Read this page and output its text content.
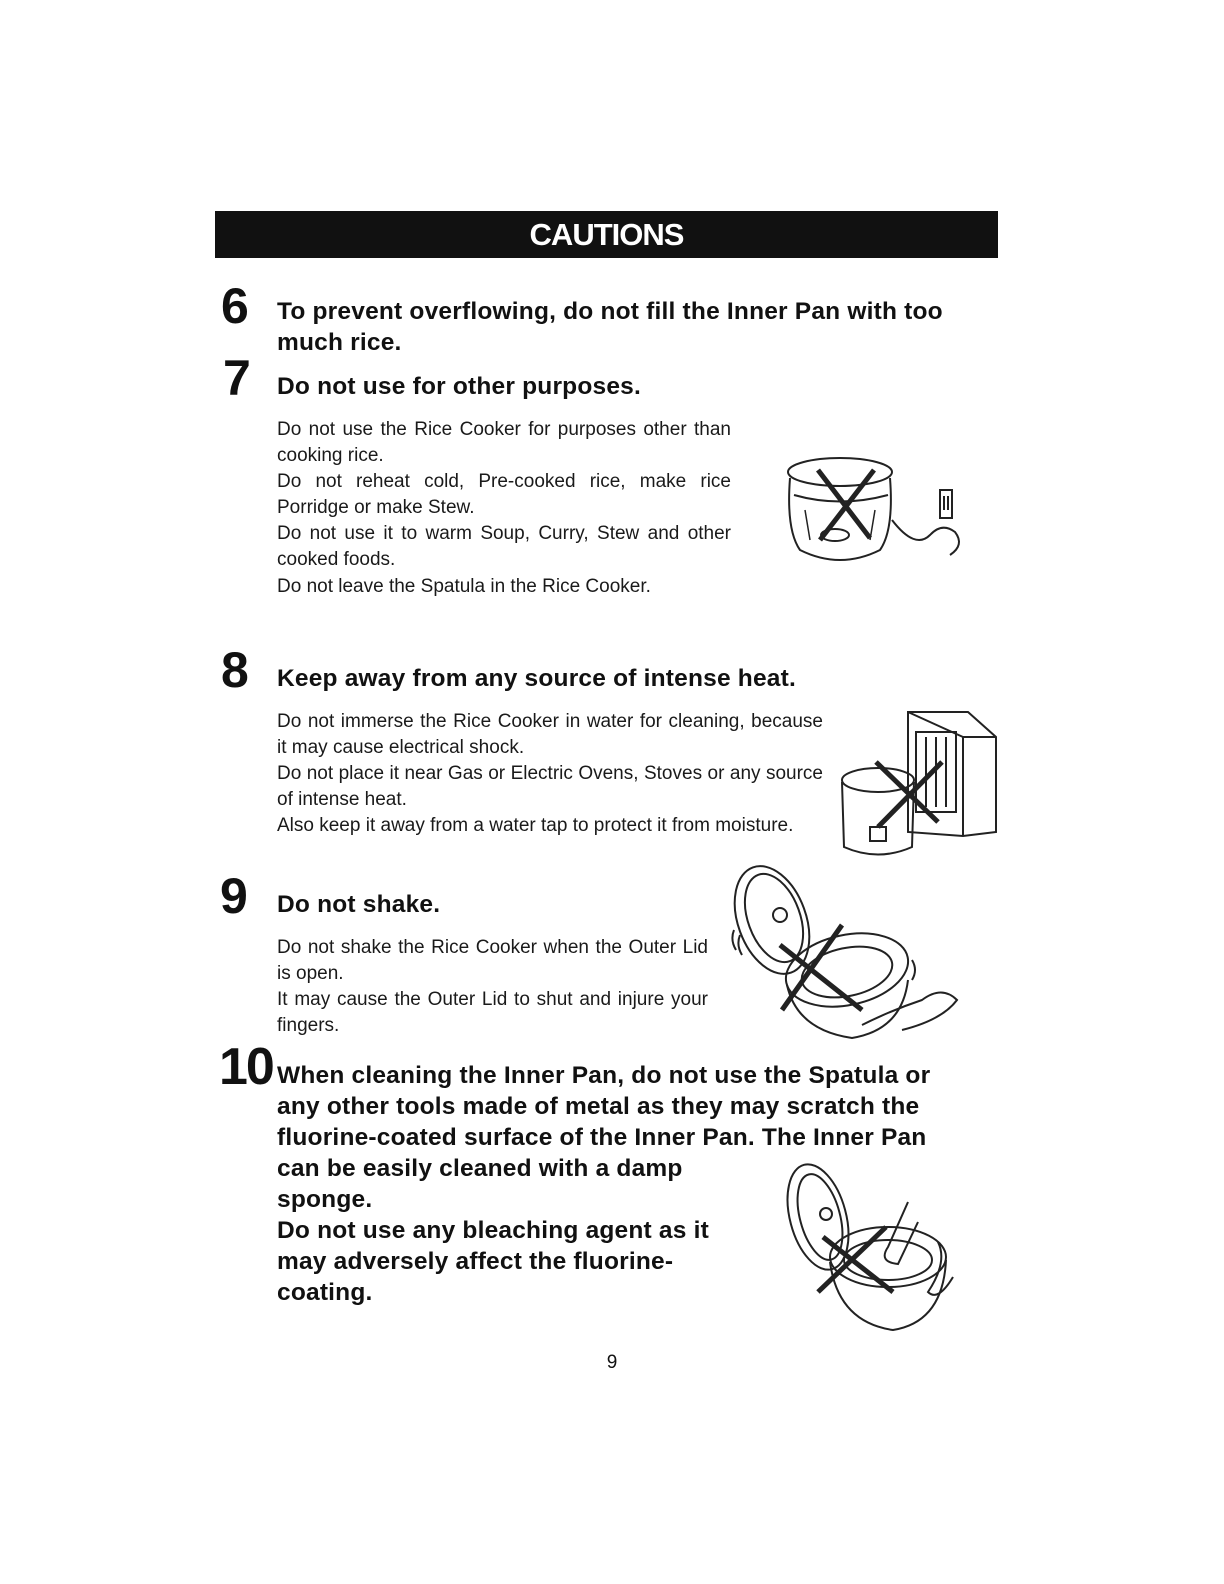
CAUTIONS
6 To prevent overflowing, do not fill the Inner Pan with too
much rice.
7 Do not use for other purposes.

Do not use the Rice Cooker for purposes other than cooking rice.

Do not reheat cold, Pre-cooked rice, make rice Porridge or make Stew.

Do not use it to warm Soup, Curry, Stew and other cooked foods.

Do not leave the Spatula in the Rice Cooker.

8 Keep away from any source of intense heat.

Do not immerse the Rice Cooker in water for cleaning, because it may cause electrical shock.

Do not place it near Gas or Electric Ovens, Stoves or any source of intense heat.

Also keep it away from a water tap to protect it from moisture.

9 Do not shake.

Do not shake the Rice Cooker when the Outer Lid is open.

It may cause the Outer Lid to shut and injure your fingers.

10 When cleaning the Inner Pan, do not use the Spatula or
any other tools made of metal as they may scratch the
fluorine-coated surface of the Inner Pan. The Inner Pan
can be easily cleaned with a damp
sponge.
Do not use any bleaching agent as it
may adversely affect the fluorine-
coating.
9
